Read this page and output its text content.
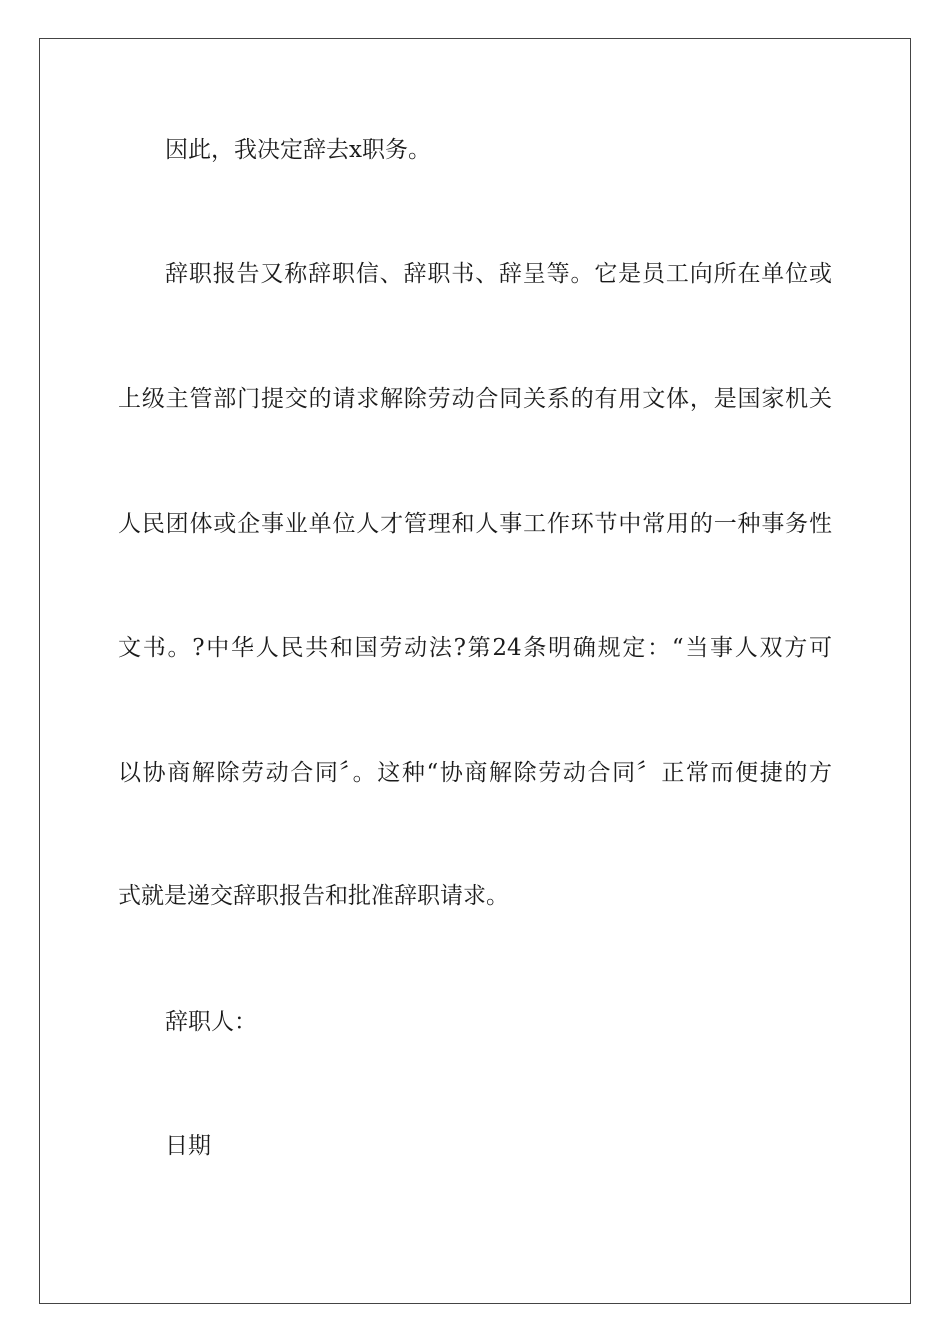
因此，我决定辞去x职务。
辞职报告又称辞职信、辞职书、辞呈等。它是员工向所在单位或
上级主管部门提交的请求解除劳动合同关系的有用文体，是国家机关
人民团体或企事业单位人才管理和人事工作环节中常用的一种事务性
文书。?中华人民共和国劳动法?第24条明确规定：“当事人双方可
以协商解除劳动合同〞。这种“协商解除劳动合同〞正常而便捷的方
式就是递交辞职报告和批准辞职请求。
辞职人：
日期
